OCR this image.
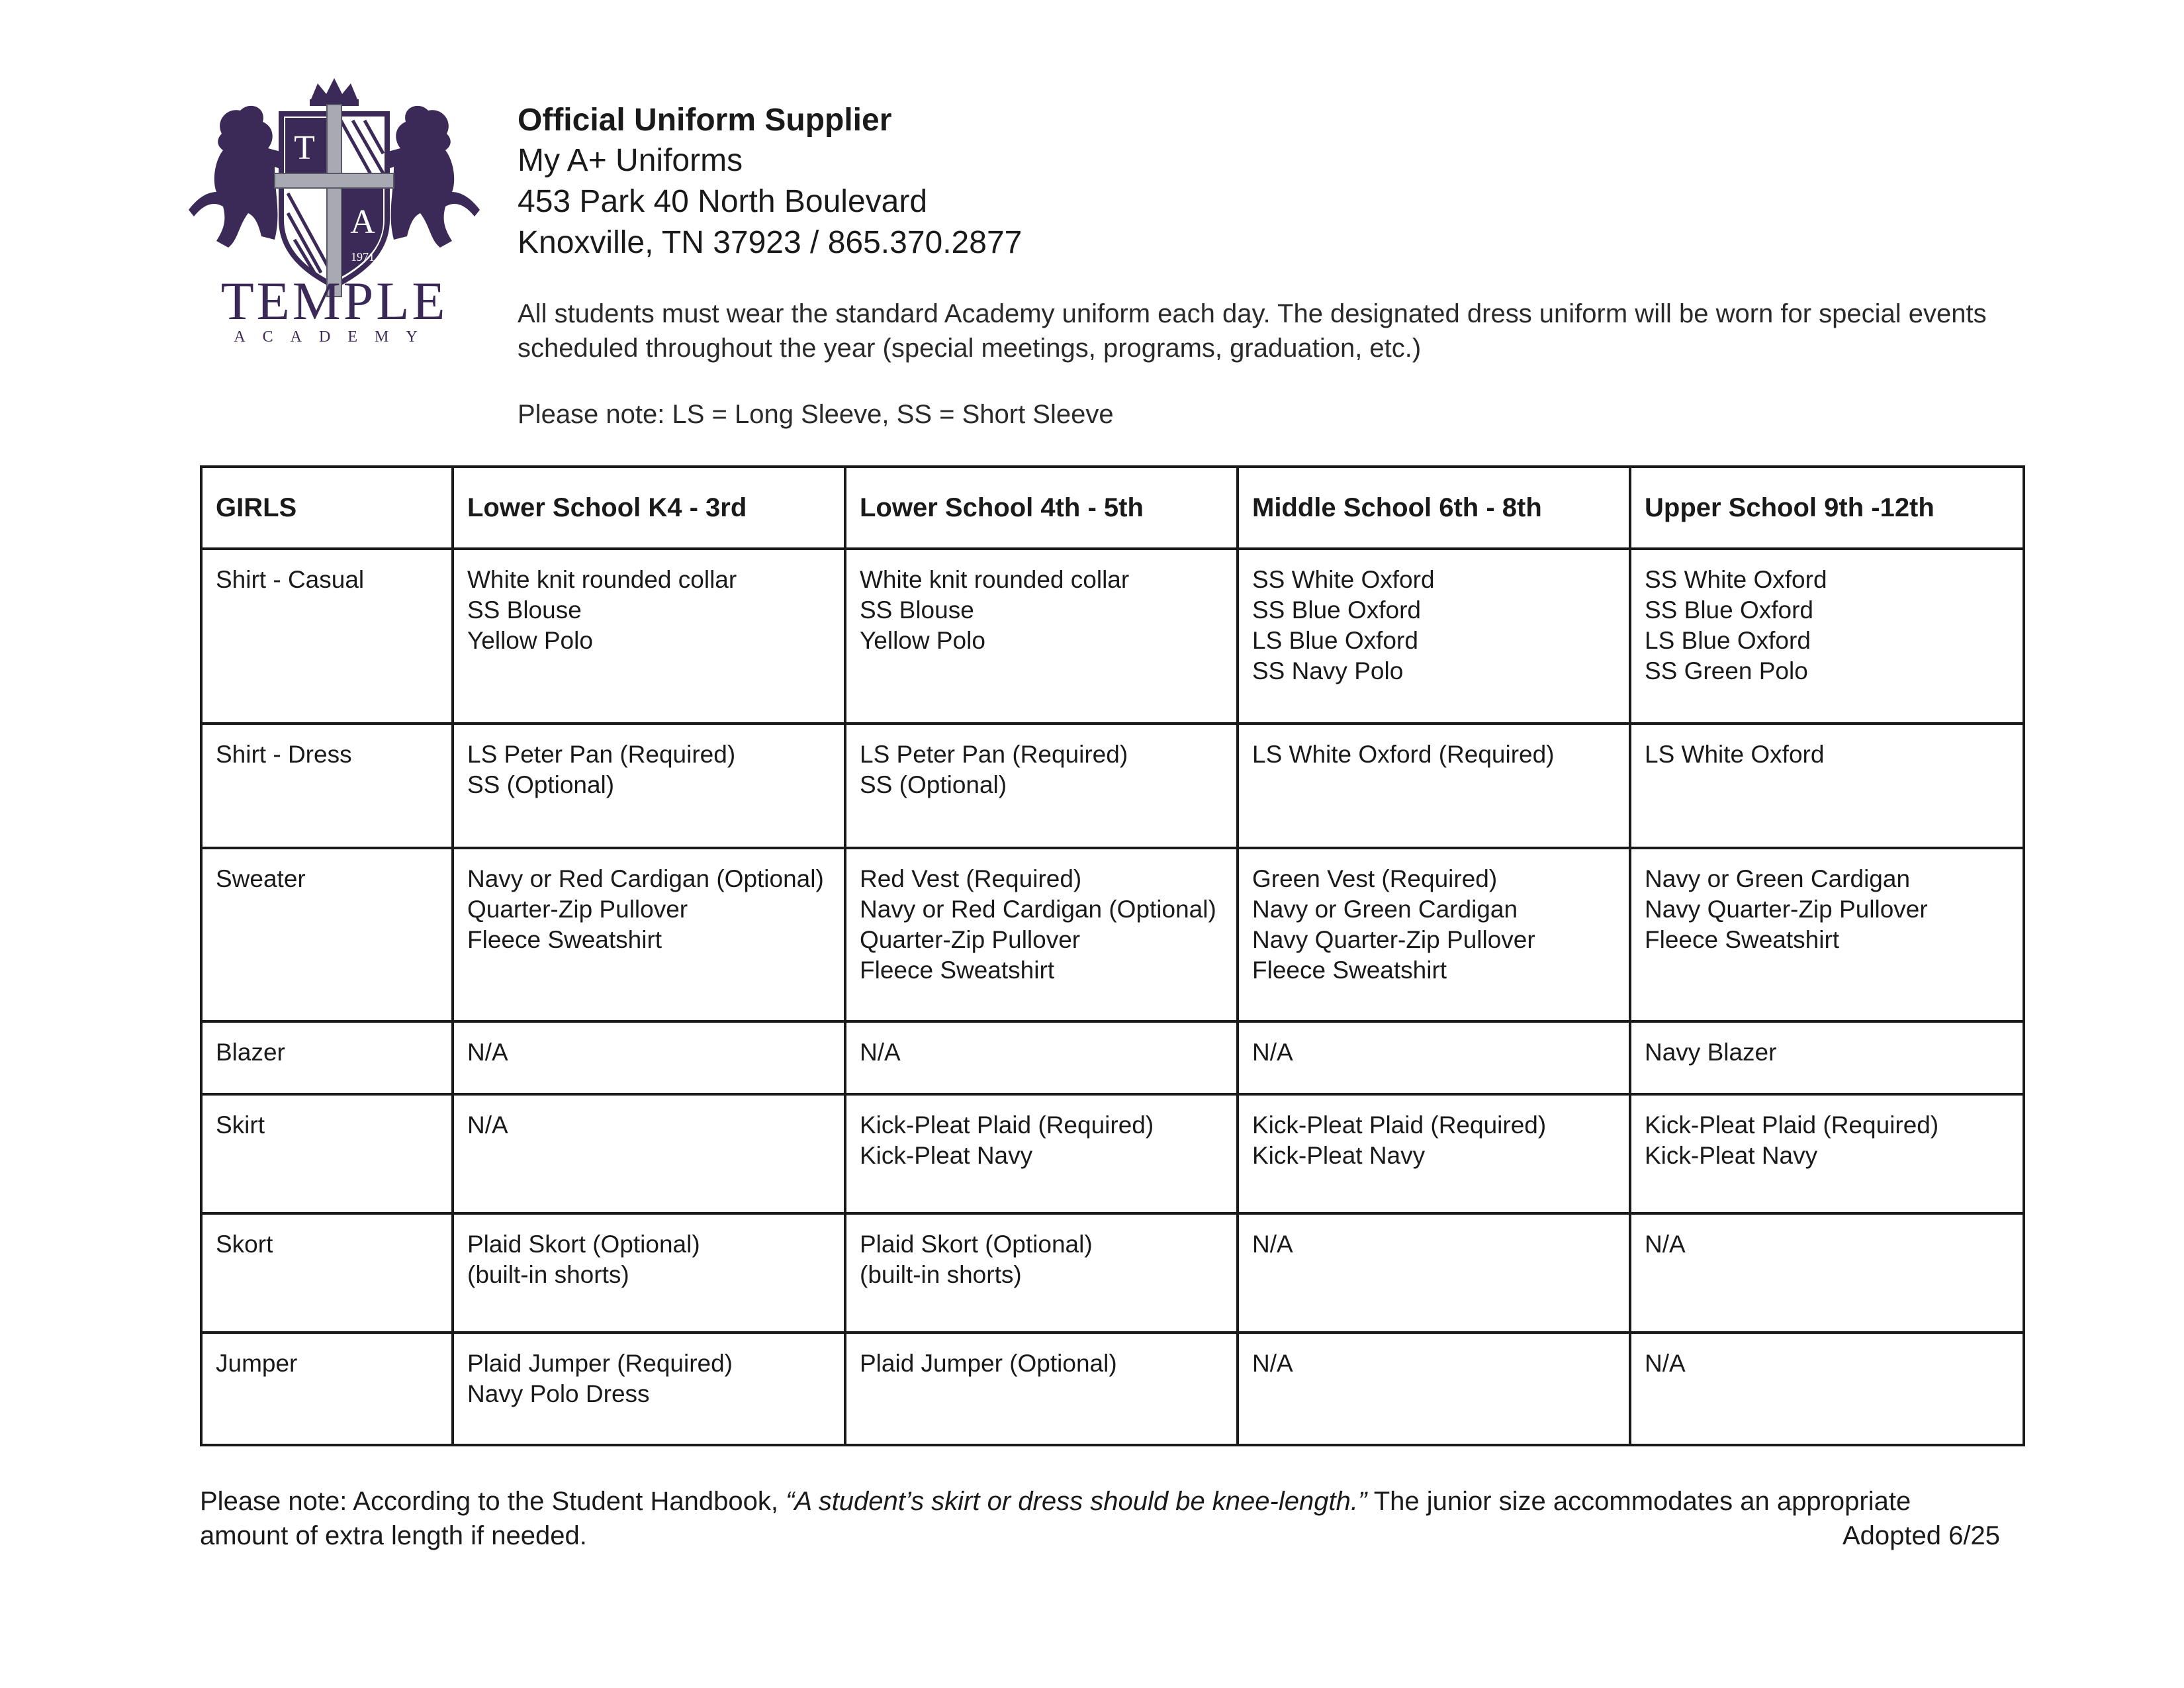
T
A
1971
TEMPLE
ACADEMY
Official Uniform Supplier
My A+ Uniforms
453 Park 40 North Boulevard
Knoxville, TN 37923 / 865.370.2877
All students must wear the standard Academy uniform each day. The designated dress uniform will be worn for special events scheduled throughout the year (special meetings, programs, graduation, etc.)
Please note: LS = Long Sleeve, SS = Short Sleeve
GIRLS	Lower School K4 - 3rd	Lower School 4th - 5th	Middle School 6th - 8th	Upper School 9th -12th
Shirt - Casual	White knit rounded collar
SS Blouse
Yellow Polo	White knit rounded collar
SS Blouse
Yellow Polo	SS White Oxford
SS Blue Oxford
LS Blue Oxford
SS Navy Polo	SS White Oxford
SS Blue Oxford
LS Blue Oxford
SS Green Polo

Shirt - Dress	LS Peter Pan (Required)
SS (Optional)	LS Peter Pan (Required)
SS (Optional)	LS White Oxford (Required)	LS White Oxford

Sweater	Navy or Red Cardigan (Optional)
Quarter-Zip Pullover
Fleece Sweatshirt	Red Vest (Required)
Navy or Red Cardigan (Optional)
Quarter-Zip Pullover
Fleece Sweatshirt	Green Vest (Required)
Navy or Green Cardigan
Navy Quarter-Zip Pullover
Fleece Sweatshirt	Navy or Green Cardigan
Navy Quarter-Zip Pullover
Fleece Sweatshirt

Blazer	N/A	N/A	N/A	Navy Blazer

Skirt	N/A	Kick-Pleat Plaid (Required)
Kick-Pleat Navy	Kick-Pleat Plaid (Required)
Kick-Pleat Navy	Kick-Pleat Plaid (Required)
Kick-Pleat Navy

Skort	Plaid Skort (Optional)
(built-in shorts)	Plaid Skort (Optional)
(built-in shorts)	N/A	N/A

Jumper	Plaid Jumper (Required)
Navy Polo Dress	Plaid Jumper (Optional)	N/A	N/A
Please note: According to the Student Handbook, “A student’s skirt or dress should be knee-length.” The junior size accommodates an appropriate amount of extra length if needed.	Adopted 6/25
